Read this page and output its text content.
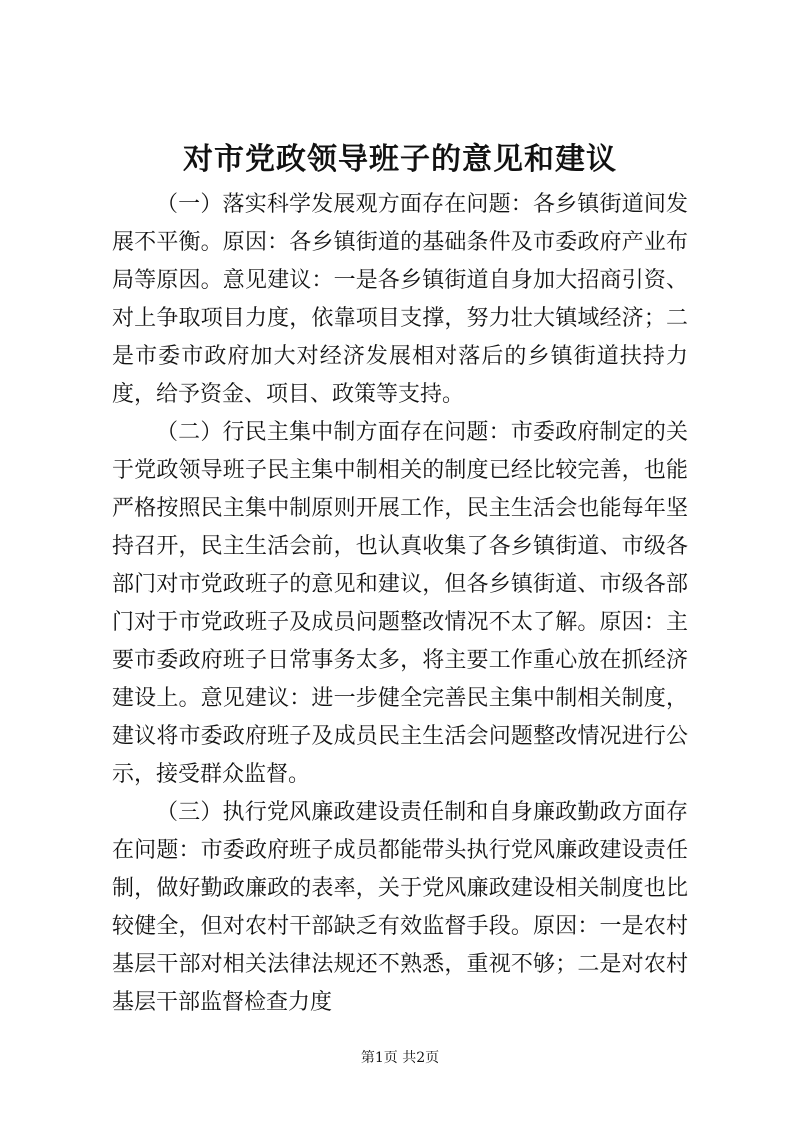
对市党政领导班子的意见和建议

（一）落实科学发展观方面存在问题：各乡镇街道间发展不平衡。原因：各乡镇街道的基础条件及市委政府产业布局等原因。意见建议：一是各乡镇街道自身加大招商引资、对上争取项目力度，依靠项目支撑，努力壮大镇域经济；二是市委市政府加大对经济发展相对落后的乡镇街道扶持力度，给予资金、项目、政策等支持。

（二）行民主集中制方面存在问题：市委政府制定的关于党政领导班子民主集中制相关的制度已经比较完善，也能严格按照民主集中制原则开展工作，民主生活会也能每年坚持召开，民主生活会前，也认真收集了各乡镇街道、市级各部门对市党政班子的意见和建议，但各乡镇街道、市级各部门对于市党政班子及成员问题整改情况不太了解。原因：主要市委政府班子日常事务太多，将主要工作重心放在抓经济建设上。意见建议：进一步健全完善民主集中制相关制度，建议将市委政府班子及成员民主生活会问题整改情况进行公示，接受群众监督。

（三）执行党风廉政建设责任制和自身廉政勤政方面存在问题：市委政府班子成员都能带头执行党风廉政建设责任制，做好勤政廉政的表率，关于党风廉政建设相关制度也比较健全，但对农村干部缺乏有效监督手段。原因：一是农村基层干部对相关法律法规还不熟悉，重视不够；二是对农村基层干部监督检查力度

第1页 共2页
